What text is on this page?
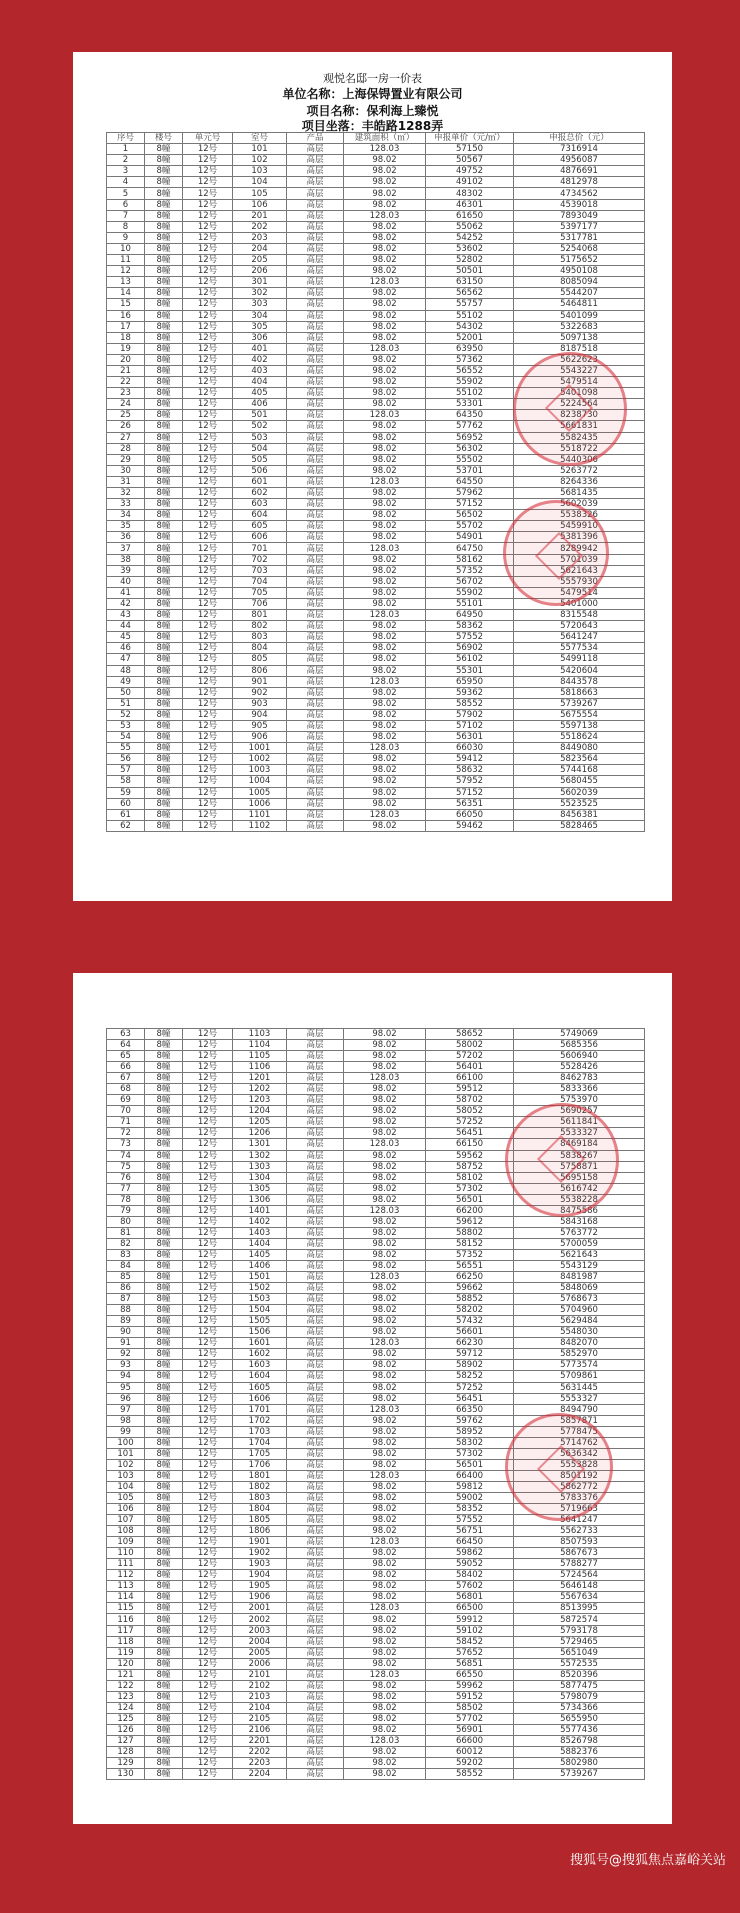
观悦名邸一房一价表
单位名称：上海保锝置业有限公司
项目名称：保利海上臻悦
项目坐落：丰皓路1288弄
序号	楼号	单元号	室号	产品	建筑面积（㎡）	申报单价（元/㎡）	申报总价（元）
1	8幢	12号	101	高层	128.03	57150	7316914
2	8幢	12号	102	高层	98.02	50567	4956087
3	8幢	12号	103	高层	98.02	49752	4876691
4	8幢	12号	104	高层	98.02	49102	4812978
5	8幢	12号	105	高层	98.02	48302	4734562
6	8幢	12号	106	高层	98.02	46301	4539018
7	8幢	12号	201	高层	128.03	61650	7893049
8	8幢	12号	202	高层	98.02	55062	5397177
9	8幢	12号	203	高层	98.02	54252	5317781
10	8幢	12号	204	高层	98.02	53602	5254068
11	8幢	12号	205	高层	98.02	52802	5175652
12	8幢	12号	206	高层	98.02	50501	4950108
13	8幢	12号	301	高层	128.03	63150	8085094
14	8幢	12号	302	高层	98.02	56562	5544207
15	8幢	12号	303	高层	98.02	55757	5464811
16	8幢	12号	304	高层	98.02	55102	5401099
17	8幢	12号	305	高层	98.02	54302	5322683
18	8幢	12号	306	高层	98.02	52001	5097138
19	8幢	12号	401	高层	128.03	63950	8187518
20	8幢	12号	402	高层	98.02	57362	5622623
21	8幢	12号	403	高层	98.02	56552	5543227
22	8幢	12号	404	高层	98.02	55902	5479514
23	8幢	12号	405	高层	98.02	55102	5401098
24	8幢	12号	406	高层	98.02	53301	5224564
25	8幢	12号	501	高层	128.03	64350	8238730
26	8幢	12号	502	高层	98.02	57762	5661831
27	8幢	12号	503	高层	98.02	56952	5582435
28	8幢	12号	504	高层	98.02	56302	5518722
29	8幢	12号	505	高层	98.02	55502	5440306
30	8幢	12号	506	高层	98.02	53701	5263772
31	8幢	12号	601	高层	128.03	64550	8264336
32	8幢	12号	602	高层	98.02	57962	5681435
33	8幢	12号	603	高层	98.02	57152	5602039
34	8幢	12号	604	高层	98.02	56502	5538326
35	8幢	12号	605	高层	98.02	55702	5459910
36	8幢	12号	606	高层	98.02	54901	5381396
37	8幢	12号	701	高层	128.03	64750	8289942
38	8幢	12号	702	高层	98.02	58162	5701039
39	8幢	12号	703	高层	98.02	57352	5621643
40	8幢	12号	704	高层	98.02	56702	5557930
41	8幢	12号	705	高层	98.02	55902	5479514
42	8幢	12号	706	高层	98.02	55101	5401000
43	8幢	12号	801	高层	128.03	64950	8315548
44	8幢	12号	802	高层	98.02	58362	5720643
45	8幢	12号	803	高层	98.02	57552	5641247
46	8幢	12号	804	高层	98.02	56902	5577534
47	8幢	12号	805	高层	98.02	56102	5499118
48	8幢	12号	806	高层	98.02	55301	5420604
49	8幢	12号	901	高层	128.03	65950	8443578
50	8幢	12号	902	高层	98.02	59362	5818663
51	8幢	12号	903	高层	98.02	58552	5739267
52	8幢	12号	904	高层	98.02	57902	5675554
53	8幢	12号	905	高层	98.02	57102	5597138
54	8幢	12号	906	高层	98.02	56301	5518624
55	8幢	12号	1001	高层	128.03	66030	8449080
56	8幢	12号	1002	高层	98.02	59412	5823564
57	8幢	12号	1003	高层	98.02	58632	5744168
58	8幢	12号	1004	高层	98.02	57952	5680455
59	8幢	12号	1005	高层	98.02	57152	5602039
60	8幢	12号	1006	高层	98.02	56351	5523525
61	8幢	12号	1101	高层	128.03	66050	8456381
62	8幢	12号	1102	高层	98.02	59462	5828465
63	8幢	12号	1103	高层	98.02	58652	5749069
64	8幢	12号	1104	高层	98.02	58002	5685356
65	8幢	12号	1105	高层	98.02	57202	5606940
66	8幢	12号	1106	高层	98.02	56401	5528426
67	8幢	12号	1201	高层	128.03	66100	8462783
68	8幢	12号	1202	高层	98.02	59512	5833366
69	8幢	12号	1203	高层	98.02	58702	5753970
70	8幢	12号	1204	高层	98.02	58052	5690257
71	8幢	12号	1205	高层	98.02	57252	5611841
72	8幢	12号	1206	高层	98.02	56451	5533327
73	8幢	12号	1301	高层	128.03	66150	8469184
74	8幢	12号	1302	高层	98.02	59562	5838267
75	8幢	12号	1303	高层	98.02	58752	5758871
76	8幢	12号	1304	高层	98.02	58102	5695158
77	8幢	12号	1305	高层	98.02	57302	5616742
78	8幢	12号	1306	高层	98.02	56501	5538228
79	8幢	12号	1401	高层	128.03	66200	8475586
80	8幢	12号	1402	高层	98.02	59612	5843168
81	8幢	12号	1403	高层	98.02	58802	5763772
82	8幢	12号	1404	高层	98.02	58152	5700059
83	8幢	12号	1405	高层	98.02	57352	5621643
84	8幢	12号	1406	高层	98.02	56551	5543129
85	8幢	12号	1501	高层	128.03	66250	8481987
86	8幢	12号	1502	高层	98.02	59662	5848069
87	8幢	12号	1503	高层	98.02	58852	5768673
88	8幢	12号	1504	高层	98.02	58202	5704960
89	8幢	12号	1505	高层	98.02	57432	5629484
90	8幢	12号	1506	高层	98.02	56601	5548030
91	8幢	12号	1601	高层	128.03	66230	8482070
92	8幢	12号	1602	高层	98.02	59712	5852970
93	8幢	12号	1603	高层	98.02	58902	5773574
94	8幢	12号	1604	高层	98.02	58252	5709861
95	8幢	12号	1605	高层	98.02	57252	5631445
96	8幢	12号	1606	高层	98.02	56451	5553327
97	8幢	12号	1701	高层	128.03	66350	8494790
98	8幢	12号	1702	高层	98.02	59762	5857871
99	8幢	12号	1703	高层	98.02	58952	5778475
100	8幢	12号	1704	高层	98.02	58302	5714762
101	8幢	12号	1705	高层	98.02	57302	5636342
102	8幢	12号	1706	高层	98.02	56501	5553828
103	8幢	12号	1801	高层	128.03	66400	8501192
104	8幢	12号	1802	高层	98.02	59812	5862772
105	8幢	12号	1803	高层	98.02	59002	5783376
106	8幢	12号	1804	高层	98.02	58352	5719663
107	8幢	12号	1805	高层	98.02	57552	5641247
108	8幢	12号	1806	高层	98.02	56751	5562733
109	8幢	12号	1901	高层	128.03	66450	8507593
110	8幢	12号	1902	高层	98.02	59862	5867673
111	8幢	12号	1903	高层	98.02	59052	5788277
112	8幢	12号	1904	高层	98.02	58402	5724564
113	8幢	12号	1905	高层	98.02	57602	5646148
114	8幢	12号	1906	高层	98.02	56801	5567634
115	8幢	12号	2001	高层	128.03	66500	8513995
116	8幢	12号	2002	高层	98.02	59912	5872574
117	8幢	12号	2003	高层	98.02	59102	5793178
118	8幢	12号	2004	高层	98.02	58452	5729465
119	8幢	12号	2005	高层	98.02	57652	5651049
120	8幢	12号	2006	高层	98.02	56851	5572535
121	8幢	12号	2101	高层	128.03	66550	8520396
122	8幢	12号	2102	高层	98.02	59962	5877475
123	8幢	12号	2103	高层	98.02	59152	5798079
124	8幢	12号	2104	高层	98.02	58502	5734366
125	8幢	12号	2105	高层	98.02	57702	5655950
126	8幢	12号	2106	高层	98.02	56901	5577436
127	8幢	12号	2201	高层	128.03	66600	8526798
128	8幢	12号	2202	高层	98.02	60012	5882376
129	8幢	12号	2203	高层	98.02	59202	5802980
130	8幢	12号	2204	高层	98.02	58552	5739267
搜狐号@搜狐焦点嘉峪关站
